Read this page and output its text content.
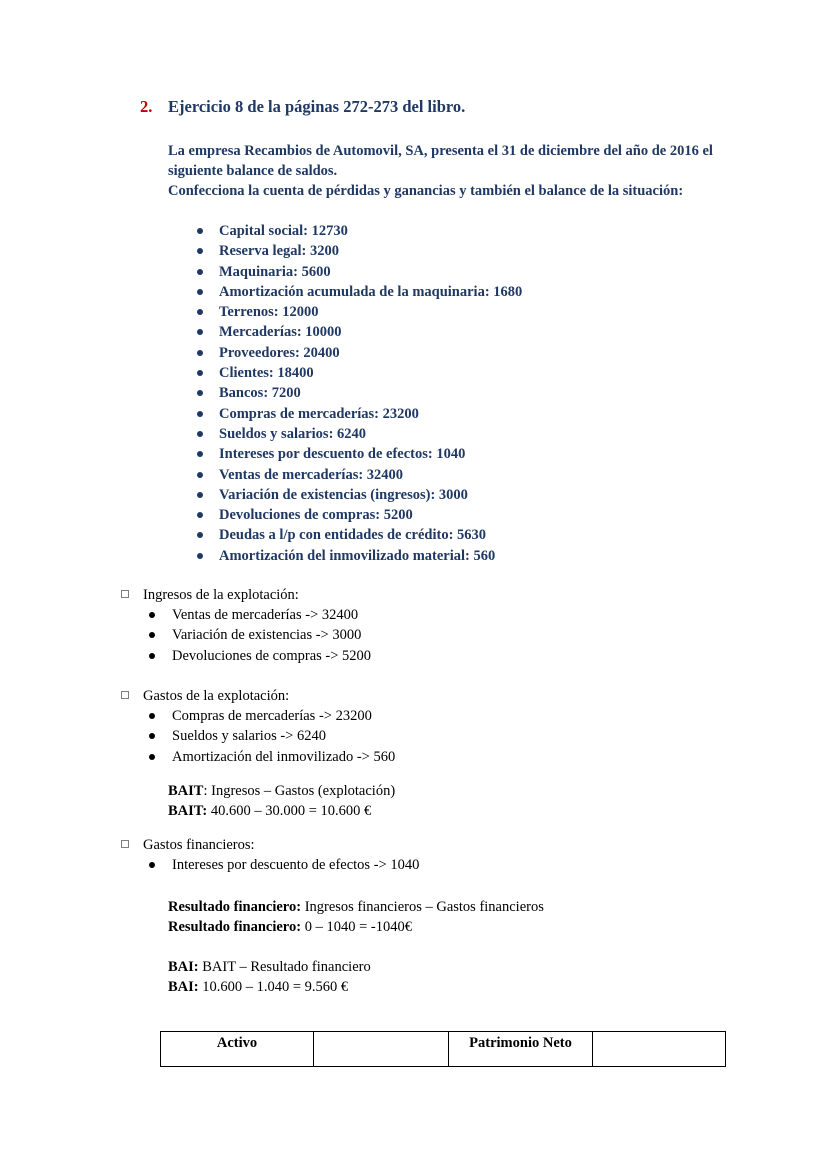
2. Ejercicio 8 de la páginas 272-273 del libro.

La empresa Recambios de Automovil, SA, presenta el 31 de diciembre del año de 2016 el siguiente balance de saldos.

Confecciona la cuenta de pérdidas y ganancias y también el balance de la situación:

Capital social: 12730
Reserva legal: 3200
Maquinaria: 5600
Amortización acumulada de la maquinaria: 1680
Terrenos: 12000
Mercaderías: 10000
Proveedores: 20400
Clientes: 18400
Bancos: 7200
Compras de mercaderías: 23200
Sueldos y salarios: 6240
Intereses por descuento de efectos: 1040
Ventas de mercaderías: 32400
Variación de existencias (ingresos): 3000
Devoluciones de compras: 5200
Deudas a l/p con entidades de crédito: 5630
Amortización del inmovilizado material: 560
Ingresos de la explotación:
Ventas de mercaderías -> 32400
Variación de existencias -> 3000
Devoluciones de compras -> 5200
Gastos de la explotación:
Compras de mercaderías -> 23200
Sueldos y salarios -> 6240
Amortización del inmovilizado -> 560
BAIT: Ingresos – Gastos (explotación)
BAIT: 40.600 – 30.000 = 10.600 €
Gastos financieros:
Intereses por descuento de efectos -> 1040
Resultado financiero: Ingresos financieros – Gastos financieros
Resultado financiero: 0 – 1040 = -1040€
BAI: BAIT – Resultado financiero
BAI: 10.600 – 1.040 = 9.560 €
Activo		Patrimonio Neto	
